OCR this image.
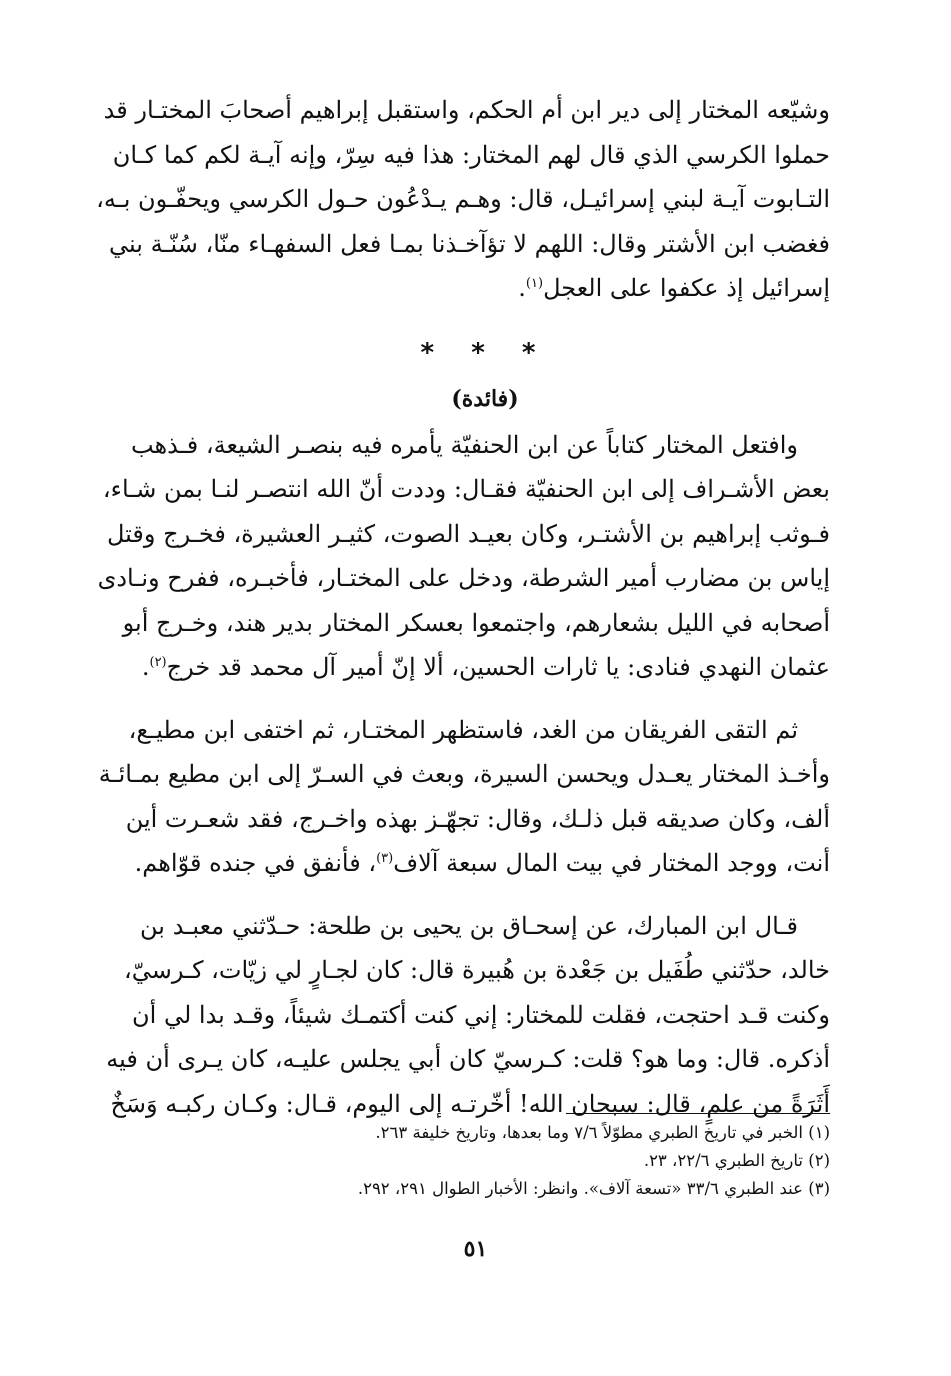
وشيّعه المختار إلى دير ابن أم الحكم، واستقبل إبراهيم أصحابَ المختـار قد
حملوا الكرسي الذي قال لهم المختار: هذا فيه سِرّ، وإنه آيـة لكم كما كـان
التـابوت آيـة لبني إسرائيـل، قال: وهـم يـدْعُون حـول الكرسي ويحفّـون بـه،
فغضب ابن الأشتر وقال: اللهم لا تؤآخـذنا بمـا فعل السفهـاء منّا، سُنّـة بني
إسرائيل إذ عكفوا على العجل$^{(١)}$.

* * *
(فائدة)

وافتعل المختار كتاباً عن ابن الحنفيّة يأمره فيه بنصـر الشيعة، فـذهب
بعض الأشـراف إلى ابن الحنفيّة فقـال: وددت أنّ الله انتصـر لنـا بمن شـاء،
فـوثب إبراهيم بن الأشتـر، وكان بعيـد الصوت، كثيـر العشيرة، فخـرج وقتل
إياس بن مضارب أمير الشرطة، ودخل على المختـار، فأخبـره، ففرح ونـادى
أصحابه في الليل بشعارهم، واجتمعوا بعسكر المختار بدير هند، وخـرج أبو
عثمان النهدي فنادى: يا ثارات الحسين، ألا إنّ أمير آل محمد قد خرج$^{(٢)}$.

ثم التقى الفريقان من الغد، فاستظهر المختـار، ثم اختفى ابن مطيـع،
وأخـذ المختار يعـدل ويحسن السيرة، وبعث في السـرّ إلى ابن مطيع بمـائـة
ألف، وكان صديقه قبل ذلـك، وقال: تجهّـز بهذه واخـرج، فقد شعـرت أين
أنت، ووجد المختار في بيت المال سبعة آلاف$^{(٣)}$، فأنفق في جنده قوّاهم.

قـال ابن المبارك، عن إسحـاق بن يحيى بن طلحة: حـدّثني معبـد بن
خالد، حدّثني طُفَيل بن جَعْدة بن هُبيرة قال: كان لجـارٍ لي زيّات، كـرسيّ،
وكنت قـد احتجت، فقلت للمختار: إني كنت أكتمـك شيئاً، وقـد بدا لي أن
أذكره. قال: وما هو؟ قلت: كـرسيّ كان أبي يجلس عليـه، كان يـرى أن فيه
أَثَرَةً من علمٍ، قال: سبحان الله! أخّرتـه إلى اليوم، قـال: وكـان ركبـه وَسَخٌ

(١) الخبر في تاريخ الطبري مطوّلاً ٧/٦ وما بعدها، وتاريخ خليفة ٢٦٣.
(٢) تاريخ الطبري ٢٢/٦، ٢٣.
(٣) عند الطبري ٣٣/٦ «تسعة آلاف». وانظر: الأخبار الطوال ٢٩١، ٢٩٢.
٥١
